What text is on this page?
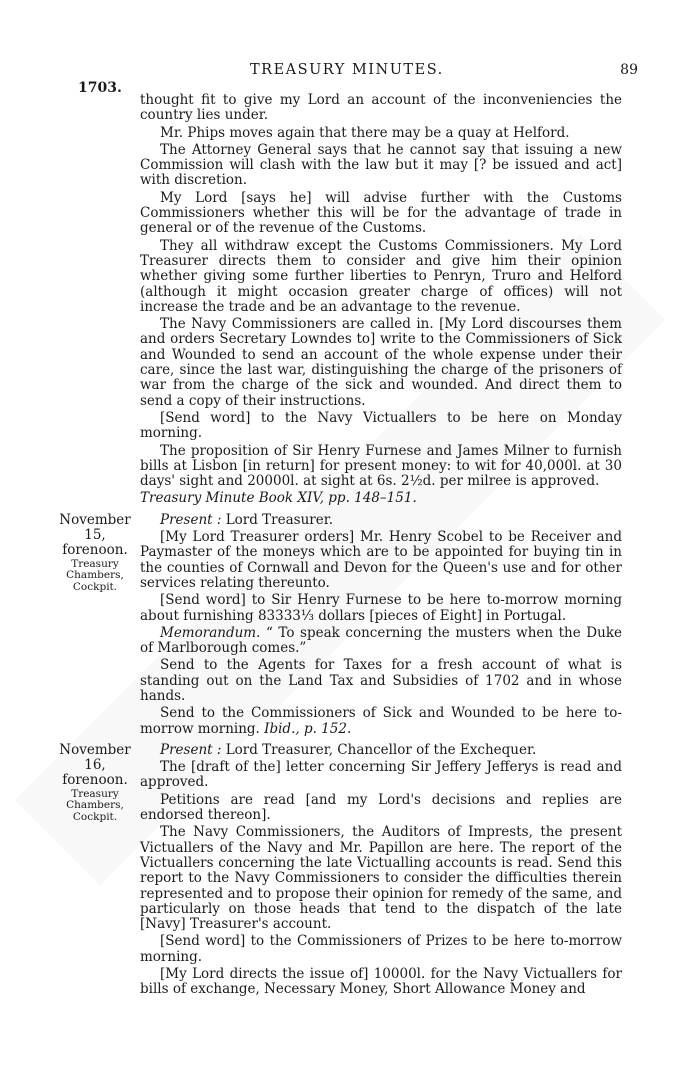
TREASURY MINUTES.	89
1703.

thought fit to give my Lord an account of the inconveniencies the country lies under.

Mr. Phips moves again that there may be a quay at Helford.

The Attorney General says that he cannot say that issuing a new Commission will clash with the law but it may [? be issued and act] with discretion.

My Lord [says he] will advise further with the Customs Commissioners whether this will be for the advantage of trade in general or of the revenue of the Customs.

They all withdraw except the Customs Commissioners. My Lord Treasurer directs them to consider and give him their opinion whether giving some further liberties to Penryn, Truro and Helford (although it might occasion greater charge of offices) will not increase the trade and be an advantage to the revenue.

The Navy Commissioners are called in. [My Lord discourses them and orders Secretary Lowndes to] write to the Commissioners of Sick and Wounded to send an account of the whole expense under their care, since the last war, distinguishing the charge of the prisoners of war from the charge of the sick and wounded. And direct them to send a copy of their instructions.

[Send word] to the Navy Victuallers to be here on Monday morning.

The proposition of Sir Henry Furnese and James Milner to furnish bills at Lisbon [in return] for present money: to wit for 40,000l. at 30 days' sight and 20000l. at sight at 6s. 2½d. per milree is approved.

Treasury Minute Book XIV, pp. 148–151.

November
15,
forenoon.
Treasury
Chambers,
Cockpit.

Present : Lord Treasurer.

[My Lord Treasurer orders] Mr. Henry Scobel to be Receiver and Paymaster of the moneys which are to be appointed for buying tin in the counties of Cornwall and Devon for the Queen's use and for other services relating thereunto.

[Send word] to Sir Henry Furnese to be here to-morrow morning about furnishing 83333⅓ dollars [pieces of Eight] in Portugal.

Memorandum. “ To speak concerning the musters when the Duke of Marlborough comes.”

Send to the Agents for Taxes for a fresh account of what is standing out on the Land Tax and Subsidies of 1702 and in whose hands.

Send to the Commissioners of Sick and Wounded to be here to-morrow morning. Ibid., p. 152.

November
16,
forenoon.
Treasury
Chambers,
Cockpit.

Present : Lord Treasurer, Chancellor of the Exchequer.

The [draft of the] letter concerning Sir Jeffery Jefferys is read and approved.

Petitions are read [and my Lord's decisions and replies are endorsed thereon].

The Navy Commissioners, the Auditors of Imprests, the present Victuallers of the Navy and Mr. Papillon are here. The report of the Victuallers concerning the late Victualling accounts is read. Send this report to the Navy Commissioners to consider the difficulties therein represented and to propose their opinion for remedy of the same, and particularly on those heads that tend to the dispatch of the late [Navy] Treasurer's account.

[Send word] to the Commissioners of Prizes to be here to-morrow morning.

[My Lord directs the issue of] 10000l. for the Navy Victuallers for bills of exchange, Necessary Money, Short Allowance Money and
